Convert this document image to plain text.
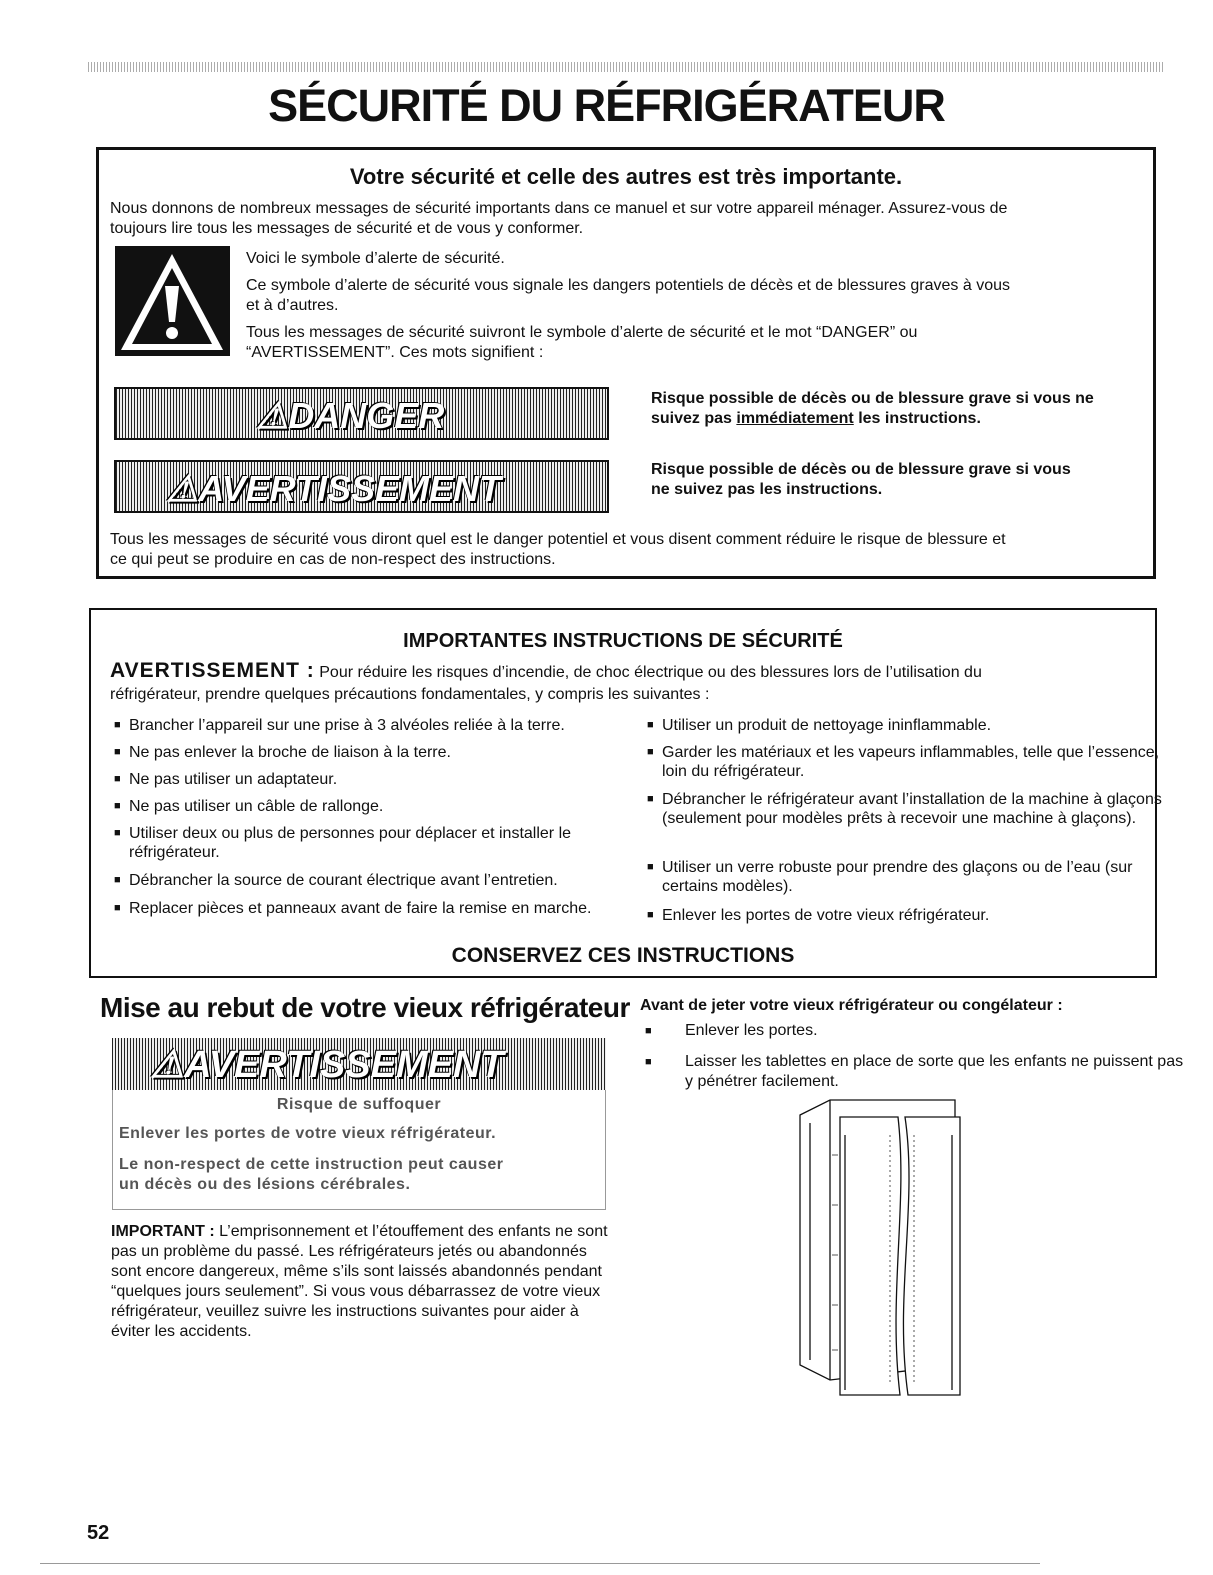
SÉCURITÉ DU RÉFRIGÉRATEUR
Votre sécurité et celle des autres est très importante.
Nous donnons de nombreux messages de sécurité importants dans ce manuel et sur votre appareil ménager. Assurez-vous de
toujours lire tous les messages de sécurité et de vous y conformer.
Voici le symbole d’alerte de sécurité.
Ce symbole d’alerte de sécurité vous signale les dangers potentiels de décès et de blessures graves à vous
et à d’autres.
Tous les messages de sécurité suivront le symbole d’alerte de sécurité et le mot “DANGER” ou
“AVERTISSEMENT”. Ces mots signifient :
⚠DANGER	Risque possible de décès ou de blessure grave si vous ne
suivez pas immédiatement les instructions.
⚠AVERTISSEMENT	Risque possible de décès ou de blessure grave si vous
ne suivez pas les instructions.
Tous les messages de sécurité vous diront quel est le danger potentiel et vous disent comment réduire le risque de blessure et
ce qui peut se produire en cas de non-respect des instructions.
IMPORTANTES INSTRUCTIONS DE SÉCURITÉ
AVERTISSEMENT : Pour réduire les risques d’incendie, de choc électrique ou des blessures lors de l’utilisation du
réfrigérateur, prendre quelques précautions fondamentales, y compris les suivantes :
■ Brancher l’appareil sur une prise à 3 alvéoles reliée à la terre.
■ Ne pas enlever la broche de liaison à la terre.
■ Ne pas utiliser un adaptateur.
■ Ne pas utiliser un câble de rallonge.
■ Utiliser deux ou plus de personnes pour déplacer et installer le réfrigérateur.
■ Débrancher la source de courant électrique avant l’entretien.
■ Replacer pièces et panneaux avant de faire la remise en marche.
■ Utiliser un produit de nettoyage ininflammable.
■ Garder les matériaux et les vapeurs inflammables, telle que l’essence, loin du réfrigérateur.
■ Débrancher le réfrigérateur avant l’installation de la machine à glaçons (seulement pour modèles prêts à recevoir une machine à glaçons).
■ Utiliser un verre robuste pour prendre des glaçons ou de l’eau (sur certains modèles).
■ Enlever les portes de votre vieux réfrigérateur.
CONSERVEZ CES INSTRUCTIONS
Mise au rebut de votre vieux réfrigérateur
⚠AVERTISSEMENT
Risque de suffoquer
Enlever les portes de votre vieux réfrigérateur.
Le non-respect de cette instruction peut causer
un décès ou des lésions cérébrales.
IMPORTANT : L’emprisonnement et l’étouffement des enfants ne sont pas un problème du passé. Les réfrigérateurs jetés ou abandonnés sont encore dangereux, même s’ils sont laissés abandonnés pendant “quelques jours seulement”. Si vous vous débarrassez de votre vieux réfrigérateur, veuillez suivre les instructions suivantes pour aider à éviter les accidents.
Avant de jeter votre vieux réfrigérateur ou congélateur :
■ Enlever les portes.
■ Laisser les tablettes en place de sorte que les enfants ne puissent pas y pénétrer facilement.
52
